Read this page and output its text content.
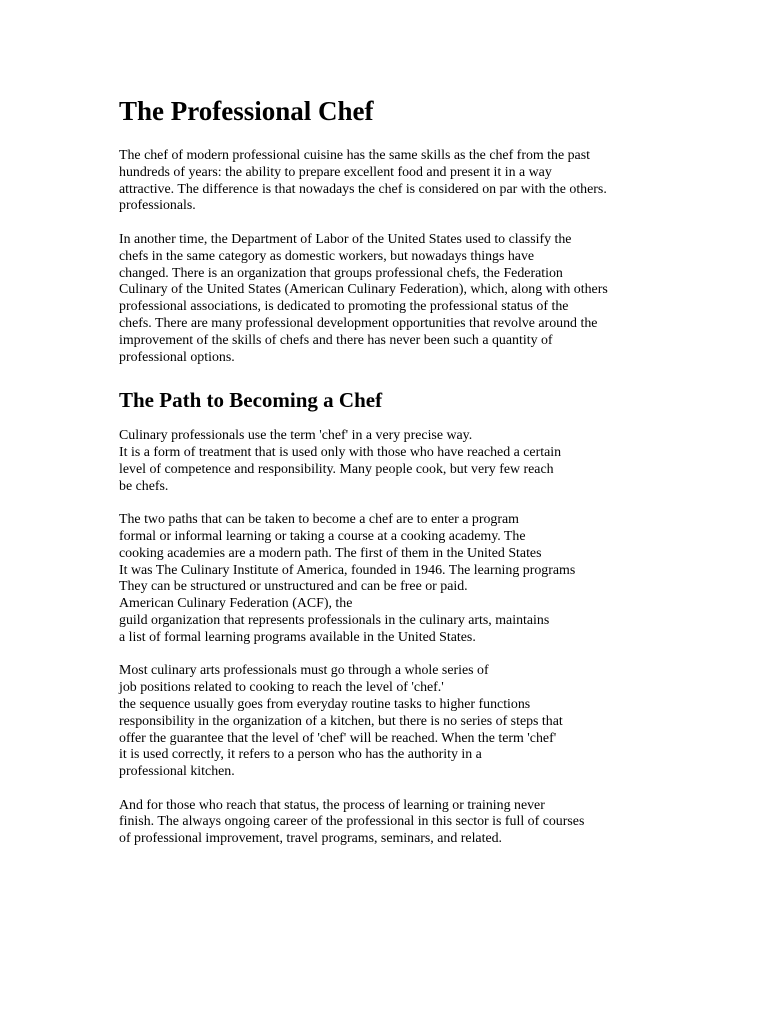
The Professional Chef

The chef of modern professional cuisine has the same skills as the chef from the past
hundreds of years: the ability to prepare excellent food and present it in a way
attractive. The difference is that nowadays the chef is considered on par with the others.
professionals.

In another time, the Department of Labor of the United States used to classify the
chefs in the same category as domestic workers, but nowadays things have
changed. There is an organization that groups professional chefs, the Federation
Culinary of the United States (American Culinary Federation), which, along with others
professional associations, is dedicated to promoting the professional status of the
chefs. There are many professional development opportunities that revolve around the
improvement of the skills of chefs and there has never been such a quantity of
professional options.

The Path to Becoming a Chef

Culinary professionals use the term 'chef' in a very precise way.
It is a form of treatment that is used only with those who have reached a certain
level of competence and responsibility. Many people cook, but very few reach
be chefs.

The two paths that can be taken to become a chef are to enter a program
formal or informal learning or taking a course at a cooking academy. The
cooking academies are a modern path. The first of them in the United States
It was The Culinary Institute of America, founded in 1946. The learning programs
They can be structured or unstructured and can be free or paid.
American Culinary Federation (ACF), the
guild organization that represents professionals in the culinary arts, maintains
a list of formal learning programs available in the United States.

Most culinary arts professionals must go through a whole series of
job positions related to cooking to reach the level of 'chef.'
the sequence usually goes from everyday routine tasks to higher functions
responsibility in the organization of a kitchen, but there is no series of steps that
offer the guarantee that the level of 'chef' will be reached. When the term 'chef'
it is used correctly, it refers to a person who has the authority in a
professional kitchen.

And for those who reach that status, the process of learning or training never
finish. The always ongoing career of the professional in this sector is full of courses
of professional improvement, travel programs, seminars, and related.
